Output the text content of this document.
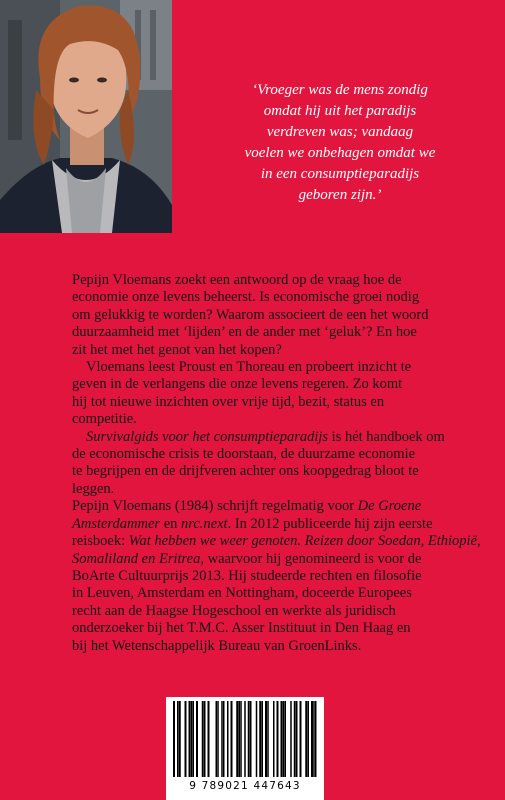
‘Vroeger was de mens zondig
omdat hij uit het paradijs
verdreven was; vandaag
voelen we onbehagen omdat we
in een consumptieparadijs
geboren zijn.’

Pepijn Vloemans zoekt een antwoord op de vraag hoe de
economie onze levens beheerst. Is economische groei nodig
om gelukkig te worden? Waarom associeert de een het woord
duurzaamheid met ‘lijden’ en de ander met ‘geluk’? En hoe
zit het met het genot van het kopen?

Vloemans leest Proust en Thoreau en probeert inzicht te
geven in de verlangens die onze levens regeren. Zo komt
hij tot nieuwe inzichten over vrije tijd, bezit, status en
competitie.

Survivalgids voor het consumptieparadijs is hét handboek om
de economische crisis te doorstaan, de duurzame economie
te begrijpen en de drijfveren achter ons koopgedrag bloot te
leggen.

Pepijn Vloemans (1984) schrijft regelmatig voor De Groene
Amsterdammer en nrc.next. In 2012 publiceerde hij zijn eerste
reisboek: Wat hebben we weer genoten. Reizen door Soedan, Ethiopië,
Somaliland en Eritrea, waarvoor hij genomineerd is voor de
BoArte Cultuurprijs 2013. Hij studeerde rechten en filosofie
in Leuven, Amsterdam en Nottingham, doceerde Europees
recht aan de Haagse Hogeschool en werkte als juridisch
onderzoeker bij het T.M.C. Asser Instituut in Den Haag en
bij het Wetenschappelijk Bureau van GroenLinks.

9 789021 447643
